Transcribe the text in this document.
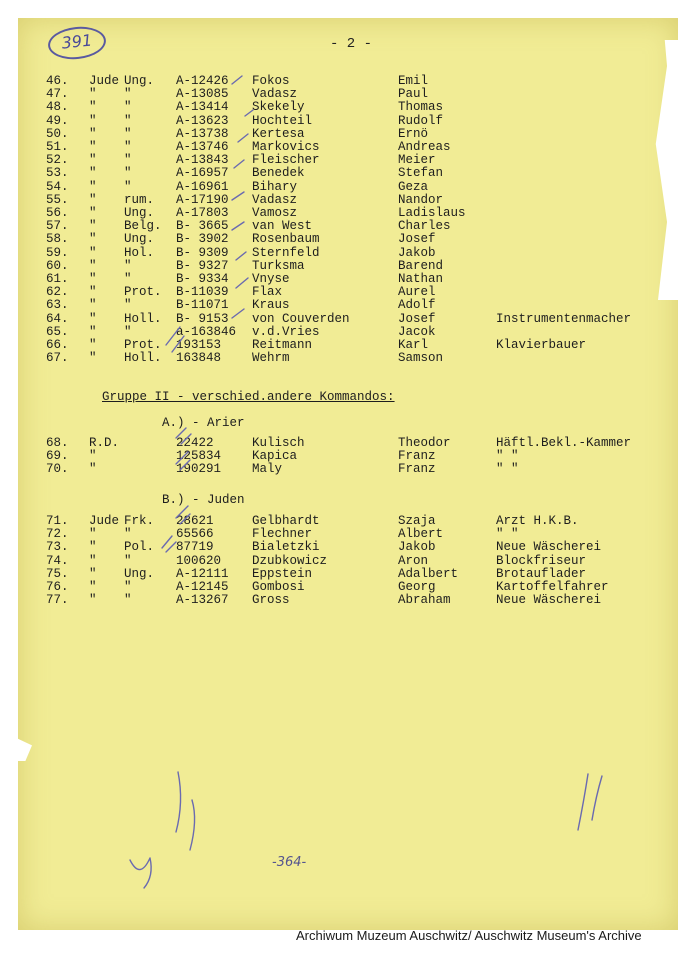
391	- 2 -
46. Jude Ung. A-12426 Fokos	Emil
47. " "	A-13085 Vadasz	Paul
48. " "	A-13414 Skekely	Thomas
49. " "	A-13623 Hochteil	Rudolf
50. " "	A-13738 Kertesa	Ernö
51. " "	A-13746 Markovics	Andreas
52. " "	A-13843 Fleischer	Meier
53. " "	A-16957 Benedek	Stefan
54. " "	A-16961 Bihary	Geza
55. " rum. A-17190 Vadasz	Nandor
56. " Ung. A-17803 Vamosz	Ladislaus
57. " Belg. B- 3665 van West	Charles
58. " Ung. B- 3902 Rosenbaum	Josef
59. " Hol. B- 9309 Sternfeld	Jakob
60. " "	B- 9327 Turksma	Barend
61. " "	B- 9334 Vnyse	Nathan
62. " Prot. B-11039 Flax	Aurel
63. " "	B-11071 Kraus	Adolf
64. " Holl. B- 9153 von Couverden	Josef	Instrumentenmacher
65. " "	a-163846 v.d.Vries	Jacok
66. " Prot. 193153 Reitmann	Karl	Klavierbauer
67. " Holl. 163848 Wehrm	Samson
Gruppe II - verschied.andere Kommandos:
A.) - Arier
68. R.D.	22422	Kulisch	Theodor	Häftl.Bekl.-Kammer
69. "	125834 Kapica	Franz	" "
70. "	190291 Maly	Franz	" "
B.) - Juden
71. Jude Frk. 28621	Gelbhardt	Szaja	Arzt H.K.B.
72. " "	65566	Flechner	Albert	" "
73. " Pol. 87719	Bialetzki	Jakob	Neue Wäscherei
74. " "	100620 Dzubkowicz	Aron	Blockfriseur
75. " Ung. A-12111 Eppstein	Adalbert	Brotauflader
76. " "	A-12145 Gombosi	Georg	Kartoffelfahrer
77. " "	A-13267 Gross	Abraham	Neue Wäscherei
-364-
Archiwum Muzeum Auschwitz/ Auschwitz Museum's Archive
